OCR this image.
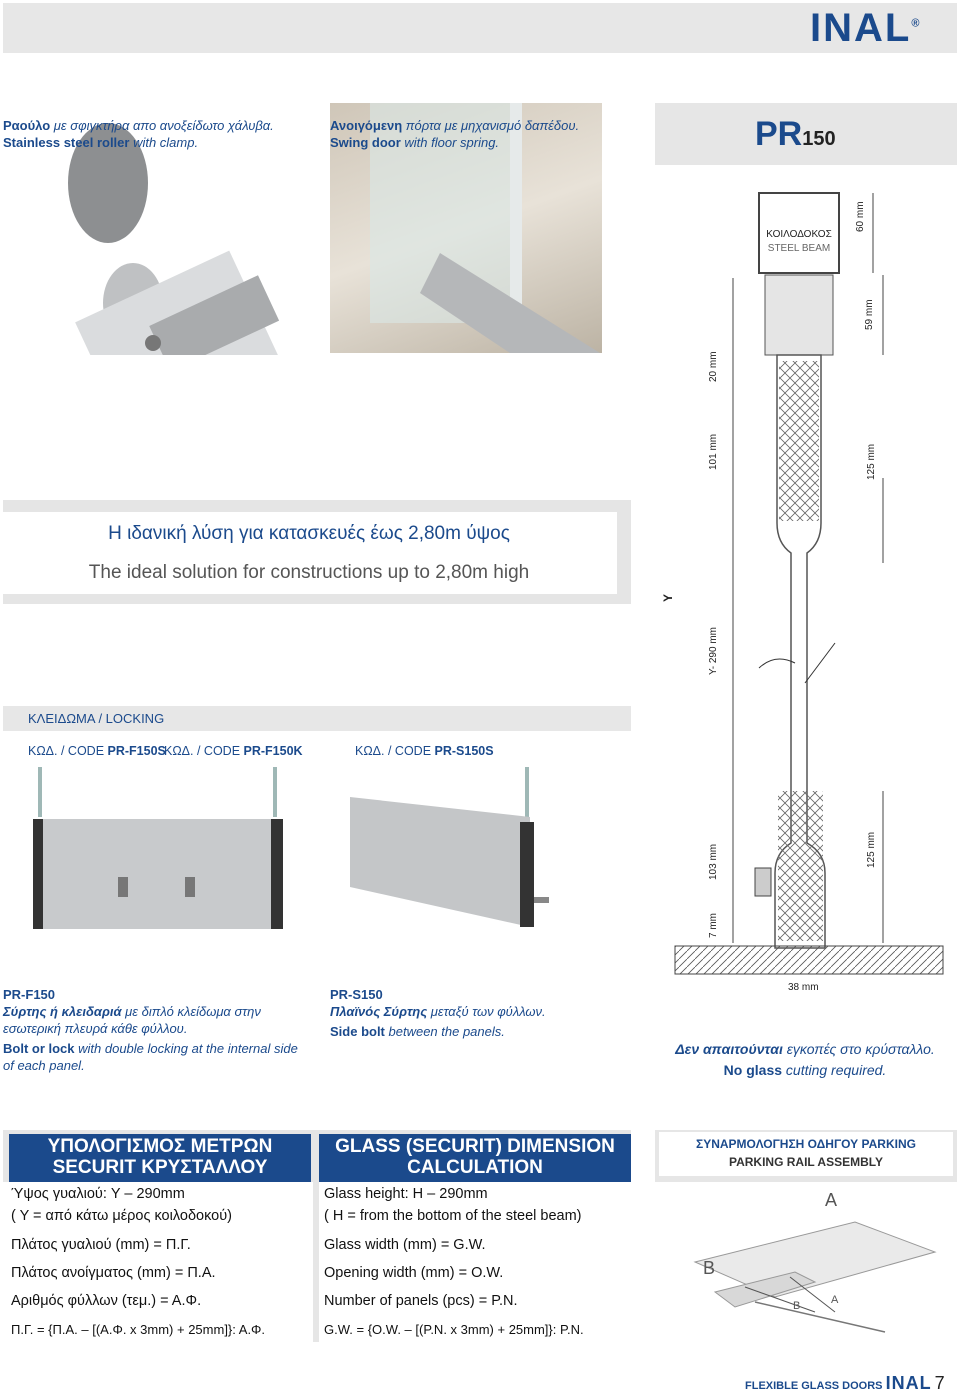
INAL®
Ραούλο με σφιγκτήρα απο ανοξείδωτο χάλυβα.
Stainless steel roller with clamp.
Ανοιγόμενη πόρτα με μηχανισμό δαπέδου.
Swing door with floor spring.
Η ιδανική λύση για κατασκευές έως 2,80m ύψος
The ideal solution for constructions up to 2,80m high
ΚΛΕΙΔΩΜΑ / LOCKING
ΚΩΔ. / CODE PR-F150S
ΚΩΔ. / CODE PR-F150K	ΚΩΔ. / CODE PR-S150S
PR-F150
Σύρτης ή κλειδαριά με διπλό κλείδωμα στην εσωτερική πλευρά κάθε φύλλου.
Bolt or lock with double locking at the internal side of each panel.
PR-S150
Πλαϊνός Σύρτης μεταξύ των φύλλων.
Side bolt between the panels.
Δεν απαιτούνται εγκοπές στο κρύσταλλο.
No glass cutting required.
PR150
ΚΟΙΛΟΔΟΚΟΣ
STEEL BEAM
60 mm
59 mm
20 mm
101 mm	125 mm
Y
Y- 290 mm
103 mm	125 mm
7 mm
38 mm
ΥΠΟΛΟΓΙΣΜΟΣ ΜΕΤΡΩΝ
SECURIT ΚΡΥΣΤΑΛΛΟΥ
GLASS (SECURIT) DIMENSION
CALCULATION
Ύψος γυαλιού: Y – 290mm
( Y = από κάτω μέρος κοιλοδοκού)
Πλάτος γυαλιού (mm) = Π.Γ.
Πλάτος ανοίγματος (mm) = Π.Α.
Αριθμός φύλλων (τεμ.) = Α.Φ.
Π.Γ. = {Π.Α. – [(Α.Φ. x 3mm) + 25mm]}: Α.Φ.
Glass height: H – 290mm
( H = from the bottom of the steel beam)
Glass width (mm) = G.W.
Opening width (mm) = O.W.
Number of panels (pcs) = P.N.
G.W. = {O.W. – [(P.N. x 3mm) + 25mm]}: P.N.
ΣΥΝΑΡΜΟΛΟΓΗΣΗ ΟΔΗΓΟΥ PARKING
PARKING RAIL ASSEMBLY
A
B
B	A
FLEXIBLE GLASS DOORS INAL 7
